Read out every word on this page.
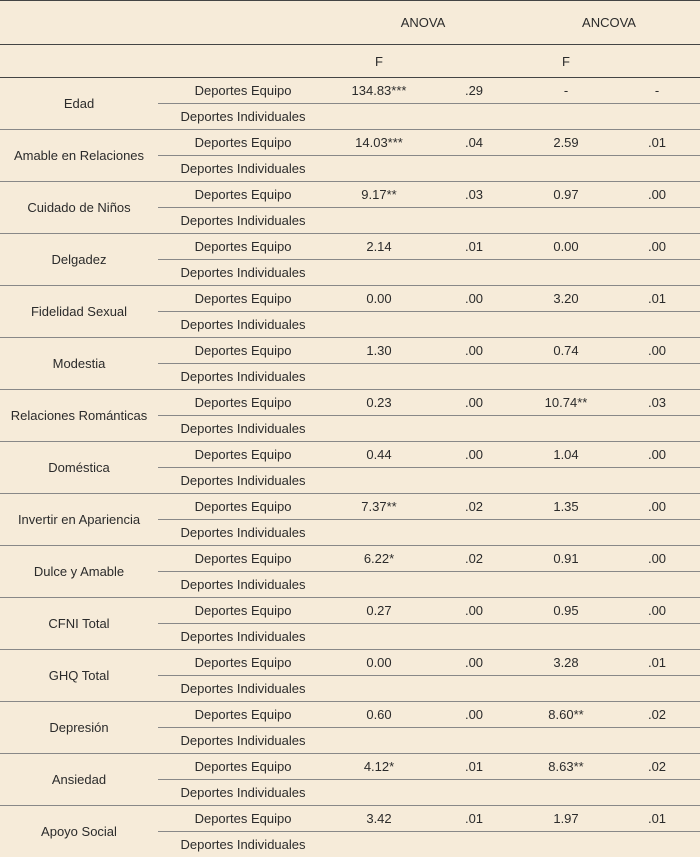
		ANOVA		ANCOVA	
		F		F	
Edad	Deportes Equipo	134.83***	.29	-	-
	Deportes Individuales				
Amable en Relaciones	Deportes Equipo	14.03***	.04	2.59	.01
	Deportes Individuales				
Cuidado de Niños	Deportes Equipo	9.17**	.03	0.97	.00
	Deportes Individuales				
Delgadez	Deportes Equipo	2.14	.01	0.00	.00
	Deportes Individuales				
Fidelidad Sexual	Deportes Equipo	0.00	.00	3.20	.01
	Deportes Individuales				
Modestia	Deportes Equipo	1.30	.00	0.74	.00
	Deportes Individuales				
Relaciones Románticas	Deportes Equipo	0.23	.00	10.74**	.03
	Deportes Individuales				
Doméstica	Deportes Equipo	0.44	.00	1.04	.00
	Deportes Individuales				
Invertir en Apariencia	Deportes Equipo	7.37**	.02	1.35	.00
	Deportes Individuales				
Dulce y Amable	Deportes Equipo	6.22*	.02	0.91	.00
	Deportes Individuales				
CFNI Total	Deportes Equipo	0.27	.00	0.95	.00
	Deportes Individuales				
GHQ Total	Deportes Equipo	0.00	.00	3.28	.01
	Deportes Individuales				
Depresión	Deportes Equipo	0.60	.00	8.60**	.02
	Deportes Individuales				
Ansiedad	Deportes Equipo	4.12*	.01	8.63**	.02
	Deportes Individuales				
Apoyo Social	Deportes Equipo	3.42	.01	1.97	.01
	Deportes Individuales				
